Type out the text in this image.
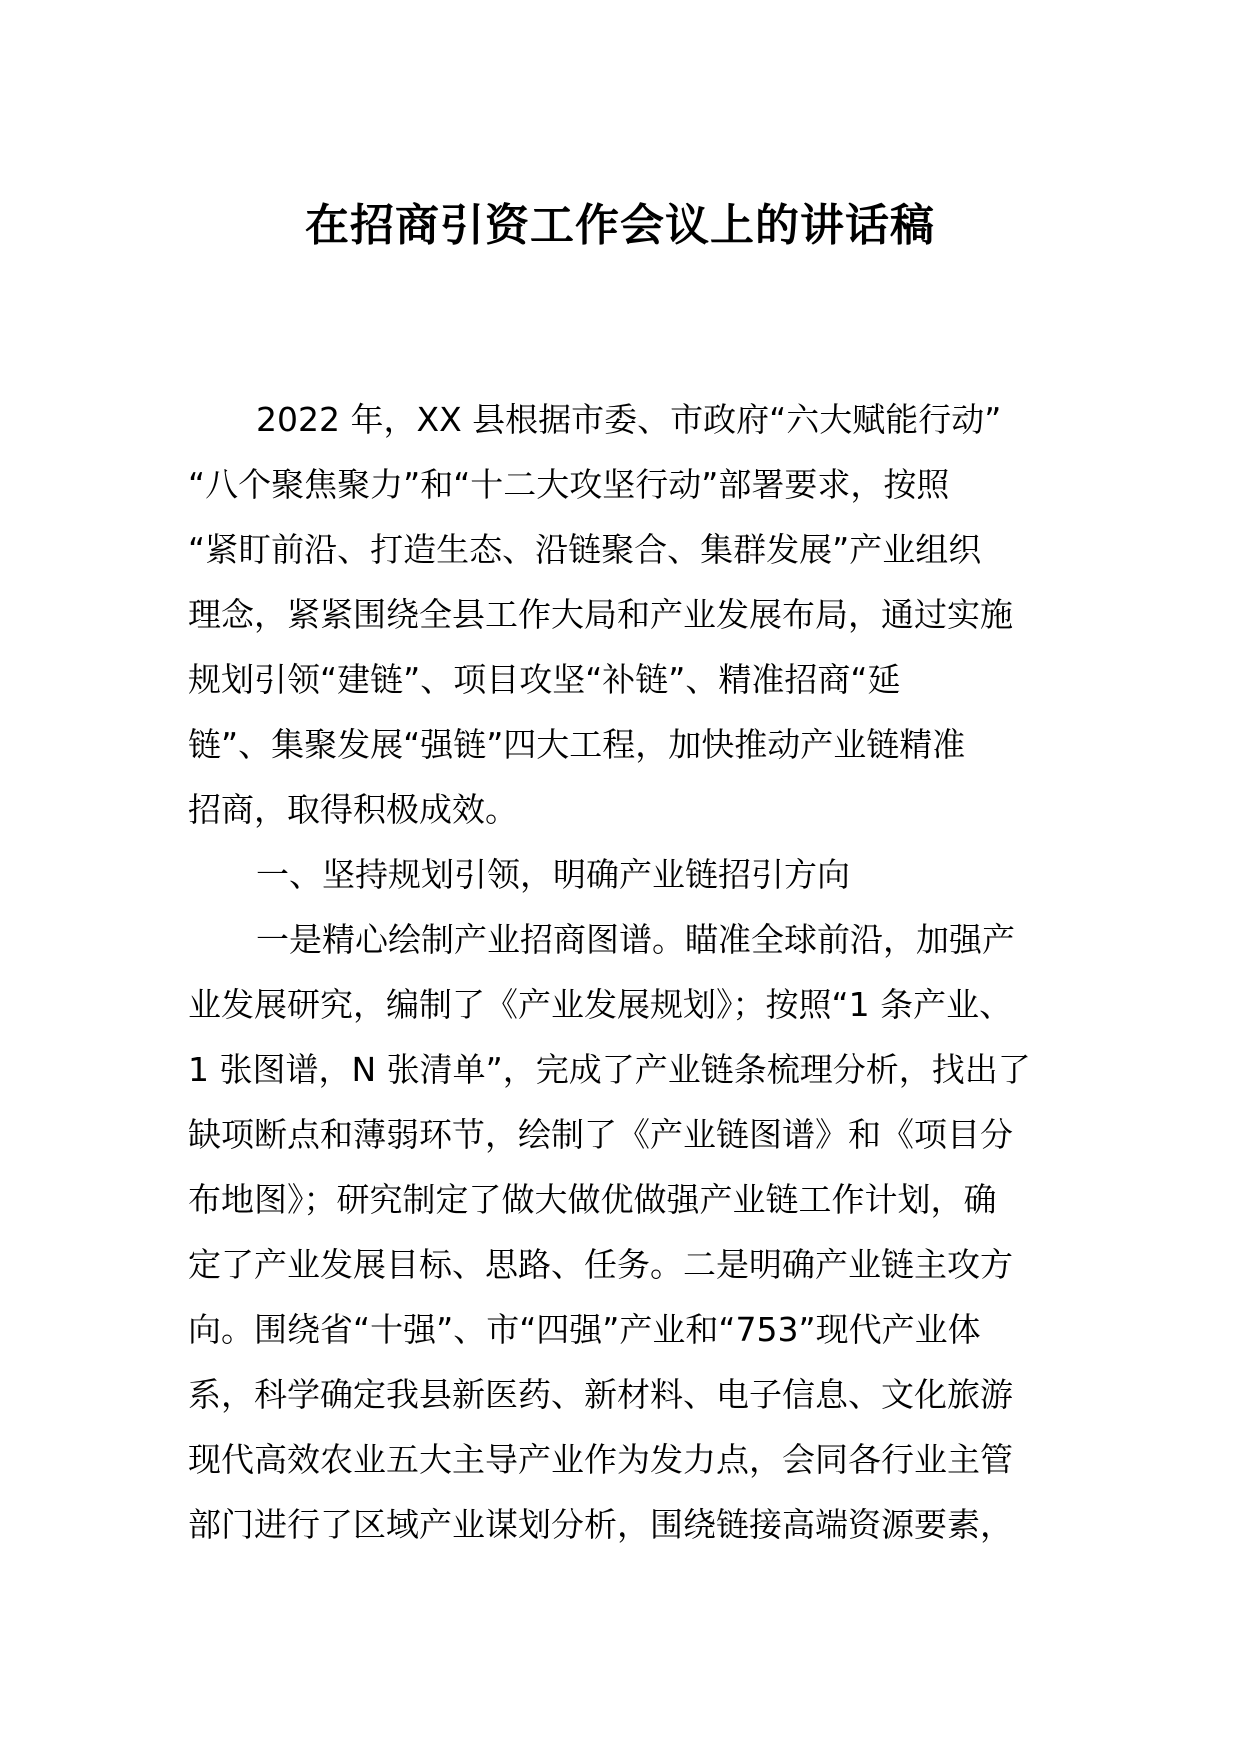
在招商引资工作会议上的讲话稿
2022 年，XX 县根据市委、市政府“六大赋能行动”
“八个聚焦聚力”和“十二大攻坚行动”部署要求，按照
“紧盯前沿、打造生态、沿链聚合、集群发展”产业组织
理念，紧紧围绕全县工作大局和产业发展布局，通过实施
规划引领“建链”、项目攻坚“补链”、精准招商“延
链”、集聚发展“强链”四大工程，加快推动产业链精准
招商，取得积极成效。
一、坚持规划引领，明确产业链招引方向
一是精心绘制产业招商图谱。瞄准全球前沿，加强产
业发展研究，编制了《产业发展规划》；按照“1 条产业、
1 张图谱，N 张清单”，完成了产业链条梳理分析，找出了
缺项断点和薄弱环节，绘制了《产业链图谱》和《项目分
布地图》；研究制定了做大做优做强产业链工作计划，确
定了产业发展目标、思路、任务。二是明确产业链主攻方
向。围绕省“十强”、市“四强”产业和“753”现代产业体
系，科学确定我县新医药、新材料、电子信息、文化旅游
现代高效农业五大主导产业作为发力点，会同各行业主管
部门进行了区域产业谋划分析，围绕链接高端资源要素，
